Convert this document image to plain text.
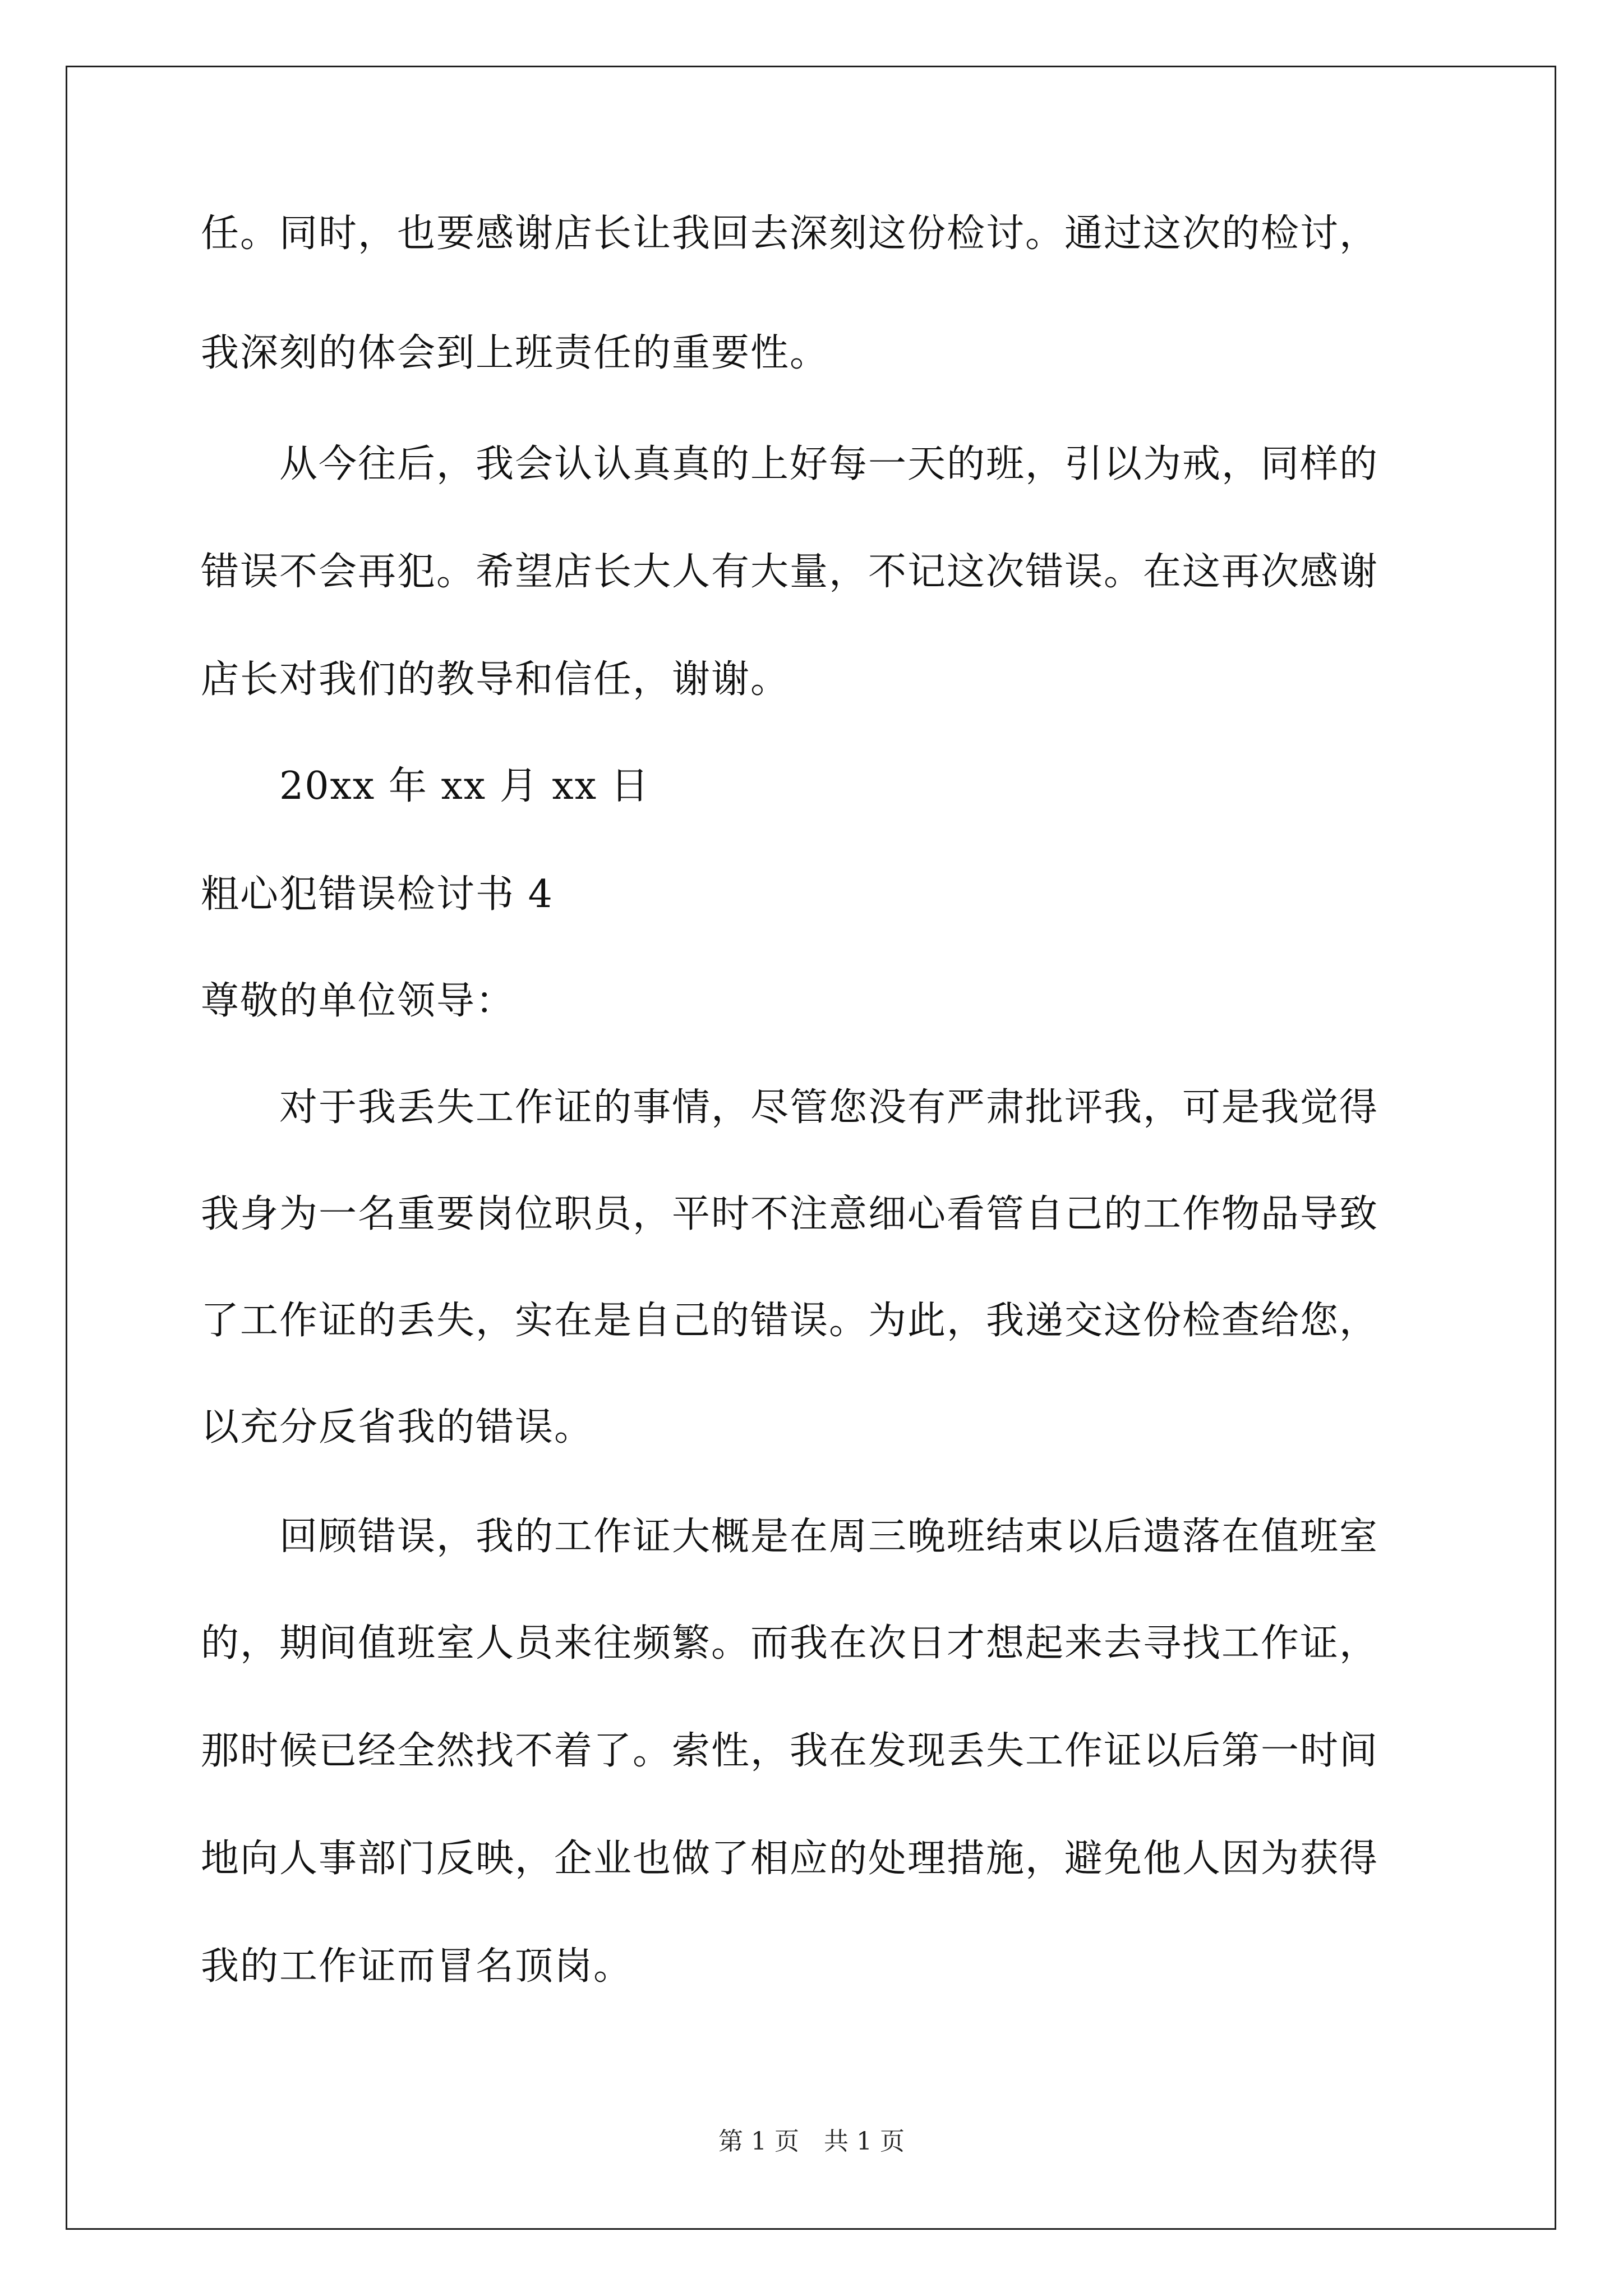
任。同时，也要感谢店长让我回去深刻这份检讨。通过这次的检讨，
我深刻的体会到上班责任的重要性。
从今往后，我会认认真真的上好每一天的班，引以为戒，同样的
错误不会再犯。希望店长大人有大量，不记这次错误。在这再次感谢
店长对我们的教导和信任，谢谢。
20xx 年 xx 月 xx 日
粗心犯错误检讨书 4
尊敬的单位领导：
对于我丢失工作证的事情，尽管您没有严肃批评我，可是我觉得
我身为一名重要岗位职员，平时不注意细心看管自己的工作物品导致
了工作证的丢失，实在是自己的错误。为此，我递交这份检查给您，
以充分反省我的错误。
回顾错误，我的工作证大概是在周三晚班结束以后遗落在值班室
的，期间值班室人员来往频繁。而我在次日才想起来去寻找工作证，
那时候已经全然找不着了。索性，我在发现丢失工作证以后第一时间
地向人事部门反映，企业也做了相应的处理措施，避免他人因为获得
我的工作证而冒名顶岗。
第 1 页　共 1 页
